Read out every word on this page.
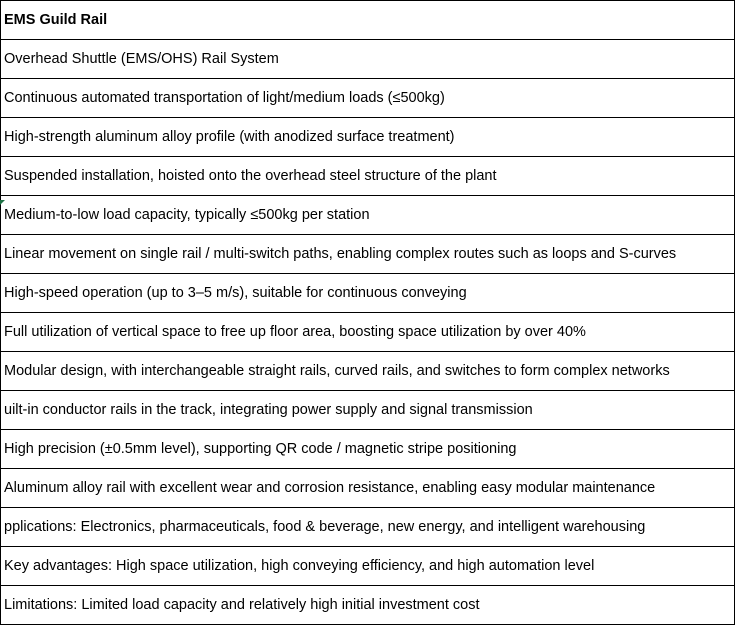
EMS Guild Rail
Overhead Shuttle (EMS/OHS) Rail System
Continuous automated transportation of light/medium loads (≤500kg)
High-strength aluminum alloy profile (with anodized surface treatment)
Suspended installation, hoisted onto the overhead steel structure of the plant
Medium-to-low load capacity, typically ≤500kg per station
Linear movement on single rail / multi-switch paths, enabling complex routes such as loops and S-curves
High-speed operation (up to 3–5 m/s), suitable for continuous conveying
Full utilization of vertical space to free up floor area, boosting space utilization by over 40%
Modular design, with interchangeable straight rails, curved rails, and switches to form complex networks
uilt-in conductor rails in the track, integrating power supply and signal transmission
High precision (±0.5mm level), supporting QR code / magnetic stripe positioning
Aluminum alloy rail with excellent wear and corrosion resistance, enabling easy modular maintenance
pplications: Electronics, pharmaceuticals, food & beverage, new energy, and intelligent warehousing
Key advantages: High space utilization, high conveying efficiency, and high automation level
Limitations: Limited load capacity and relatively high initial investment cost
